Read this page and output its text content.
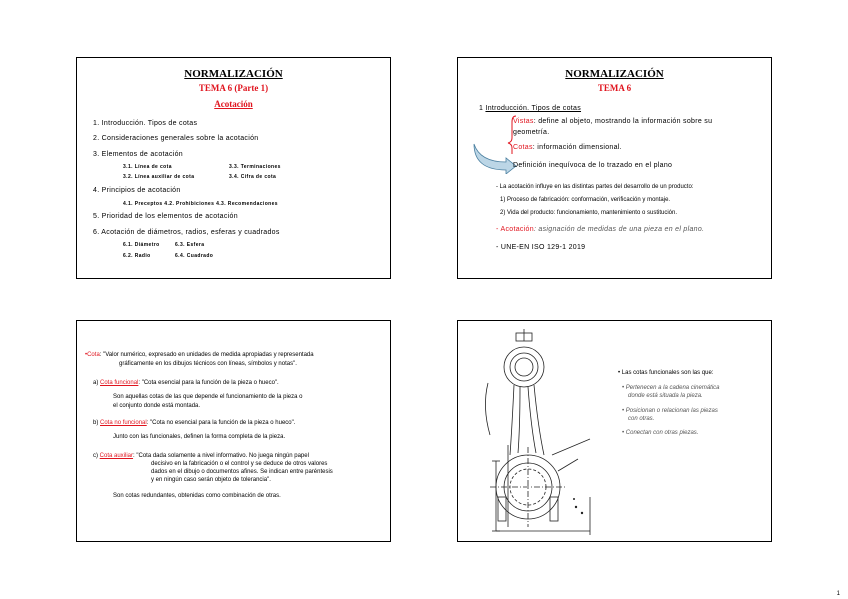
NORMALIZACIÓN
TEMA 6 (Parte 1)
Acotación
1. Introducción. Tipos de cotas
2. Consideraciones generales sobre la acotación
3. Elementos de acotación
3.1. Línea de cota	3.3. Terminaciones
3.2. Línea auxiliar de cota	3.4. Cifra de cota
4. Principios de acotación
4.1. Preceptos 4.2. Prohibiciones 4.3. Recomendaciones
5. Prioridad de los elementos de acotación
6. Acotación de diámetros, radios, esferas y cuadrados
6.1. Diámetro	6.3. Esfera
6.2. Radio	6.4. Cuadrado
NORMALIZACIÓN
TEMA 6
1 Introducción. Tipos de cotas
Vistas: define al objeto, mostrando la información sobre su
geometría.
Cotas: información dimensional.
Definición inequívoca de lo trazado en el plano
- La acotación influye en las distintas partes del desarrollo de un producto:
1) Proceso de fabricación: conformación, verificación y montaje.
2) Vida del producto: funcionamiento, mantenimiento o sustitución.
- Acotación: asignación de medidas de una pieza en el plano.
- UNE-EN ISO 129-1 2019
•Cota: "Valor numérico, expresado en unidades de medida apropiadas y representada
gráficamente en los dibujos técnicos con líneas, símbolos y notas".
a) Cota funcional: "Cota esencial para la función de la pieza o hueco".
Son aquellas cotas de las que depende el funcionamiento de la pieza o
el conjunto donde está montada.
b) Cota no funcional: "Cota no esencial para la función de la pieza o hueco".
Junto con las funcionales, definen la forma completa de la pieza.
c) Cota auxiliar: "Cota dada solamente a nivel informativo. No juega ningún papel
decisivo en la fabricación o el control y se deduce de otros valores
dados en el dibujo o documentos afines. Se indican entre paréntesis
y en ningún caso serán objeto de tolerancia".
Son cotas redundantes, obtenidas como combinación de otras.
• Las cotas funcionales son las que:
• Pertenecen a la cadena cinemática
donde está situada la pieza.
• Posicionan o relacionan las piezas
con otras.
• Conectan con otras piezas.
1
